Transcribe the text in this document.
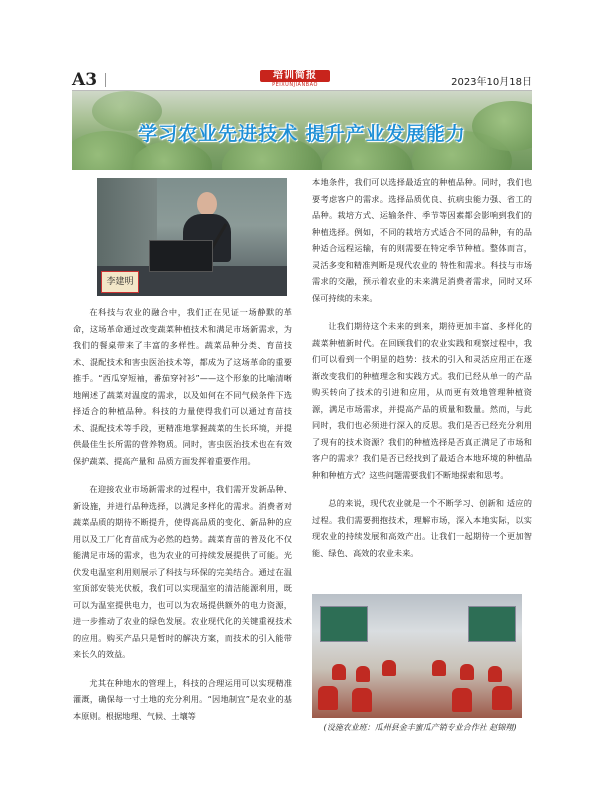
A3	培训简报
PEIXUNJIANBAO	2023年10月18日
学习农业先进技术 提升产业发展能力
李建明

在科技与农业的融合中，我们正在见证一场静默的革命，这场革命通过改变蔬菜种植技术和满足市场新需求，为我们的餐桌带来了丰富的多样性。蔬菜品种分类、育苗技术、混配技术和害虫医治技术等，都成为了这场革命的重要推手。“西瓜穿短袖，番茄穿衬衫”——这个形象的比喻清晰地阐述了蔬菜对温度的需求，以及如何在不同气候条件下选择适合的种植品种。科技的力量使得我们可以通过育苗技术、混配技术等手段，更精准地掌握蔬菜的生长环境，并提供最佳生长所需的营养物质。同时，害虫医治技术也在有效保护蔬菜、提高产量和 品质方面发挥着重要作用。

在迎接农业市场新需求的过程中，我们需开发新品种、新设施，并进行品种选择，以满足多样化的需求。消费者对蔬菜品质的期待不断提升，使得高品质的变化、新品种的应用以及工厂化育苗成为必然的趋势。蔬菜育苗的普及化不仅能满足市场的需求，也为农业的可持续发展提供了可能。光伏发电温室利用则展示了科技与环保的完美结合。通过在温室顶部安装光伏板，我们可以实现温室的清洁能源利用，既可以为温室提供电力，也可以为农场提供额外的电力资源，进一步推动了农业的绿色发展。农业现代化的关键重视技术的应用。购买产品只是暂时的解决方案，而技术的引入能带来长久的效益。

尤其在种地水的管理上，科技的合理运用可以实现精准灌溉，确保每一寸土地的充分利用。“因地制宜”是农业的基本原则。根据地理、气候、土壤等

本地条件，我们可以选择最适宜的种植品种。同时，我们也要考虑客户的需求。选择品质优良、抗病虫能力强、省工的品种。栽培方式、运输条件、季节等因素都会影响到我们的种植选择。例如，不同的栽培方式适合不同的品种，有的品种适合远程运输，有的则需要在特定季节种植。整体而言，灵活多变和精准判断是现代农业的 特性和需求。科技与市场需求的交融，预示着农业的未来满足消费者需求，同时又环保可持续的未来。

让我们期待这个未来的到来，期待更加丰富、多样化的蔬菜种植新时代。在回顾我们的农业实践和观察过程中，我们可以看到一个明显的趋势：技术的引入和灵活应用正在逐渐改变我们的种植理念和实践方式。我们已经从单一的产品购买转向了技术的引进和应用，从而更有效地管理种植资源，满足市场需求，并提高产品的质量和数量。然而，与此同时，我们也必须进行深入的反思。我们是否已经充分利用了现有的技术资源？我们的种植选择是否真正满足了市场和客户的需求？我们是否已经找到了最适合本地环境的种植品种和种植方式？这些问题需要我们不断地探索和思考。

总的来说，现代农业就是一个不断学习、创新和 适应的过程。我们需要拥抱技术，理解市场，深入本地实际，以实现农业的持续发展和高效产出。让我们一起期待一个更加智能、绿色、高效的农业未来。

(设施农业班：瓜州县金丰蜜瓜产销专业合作社 赵锦翔)
